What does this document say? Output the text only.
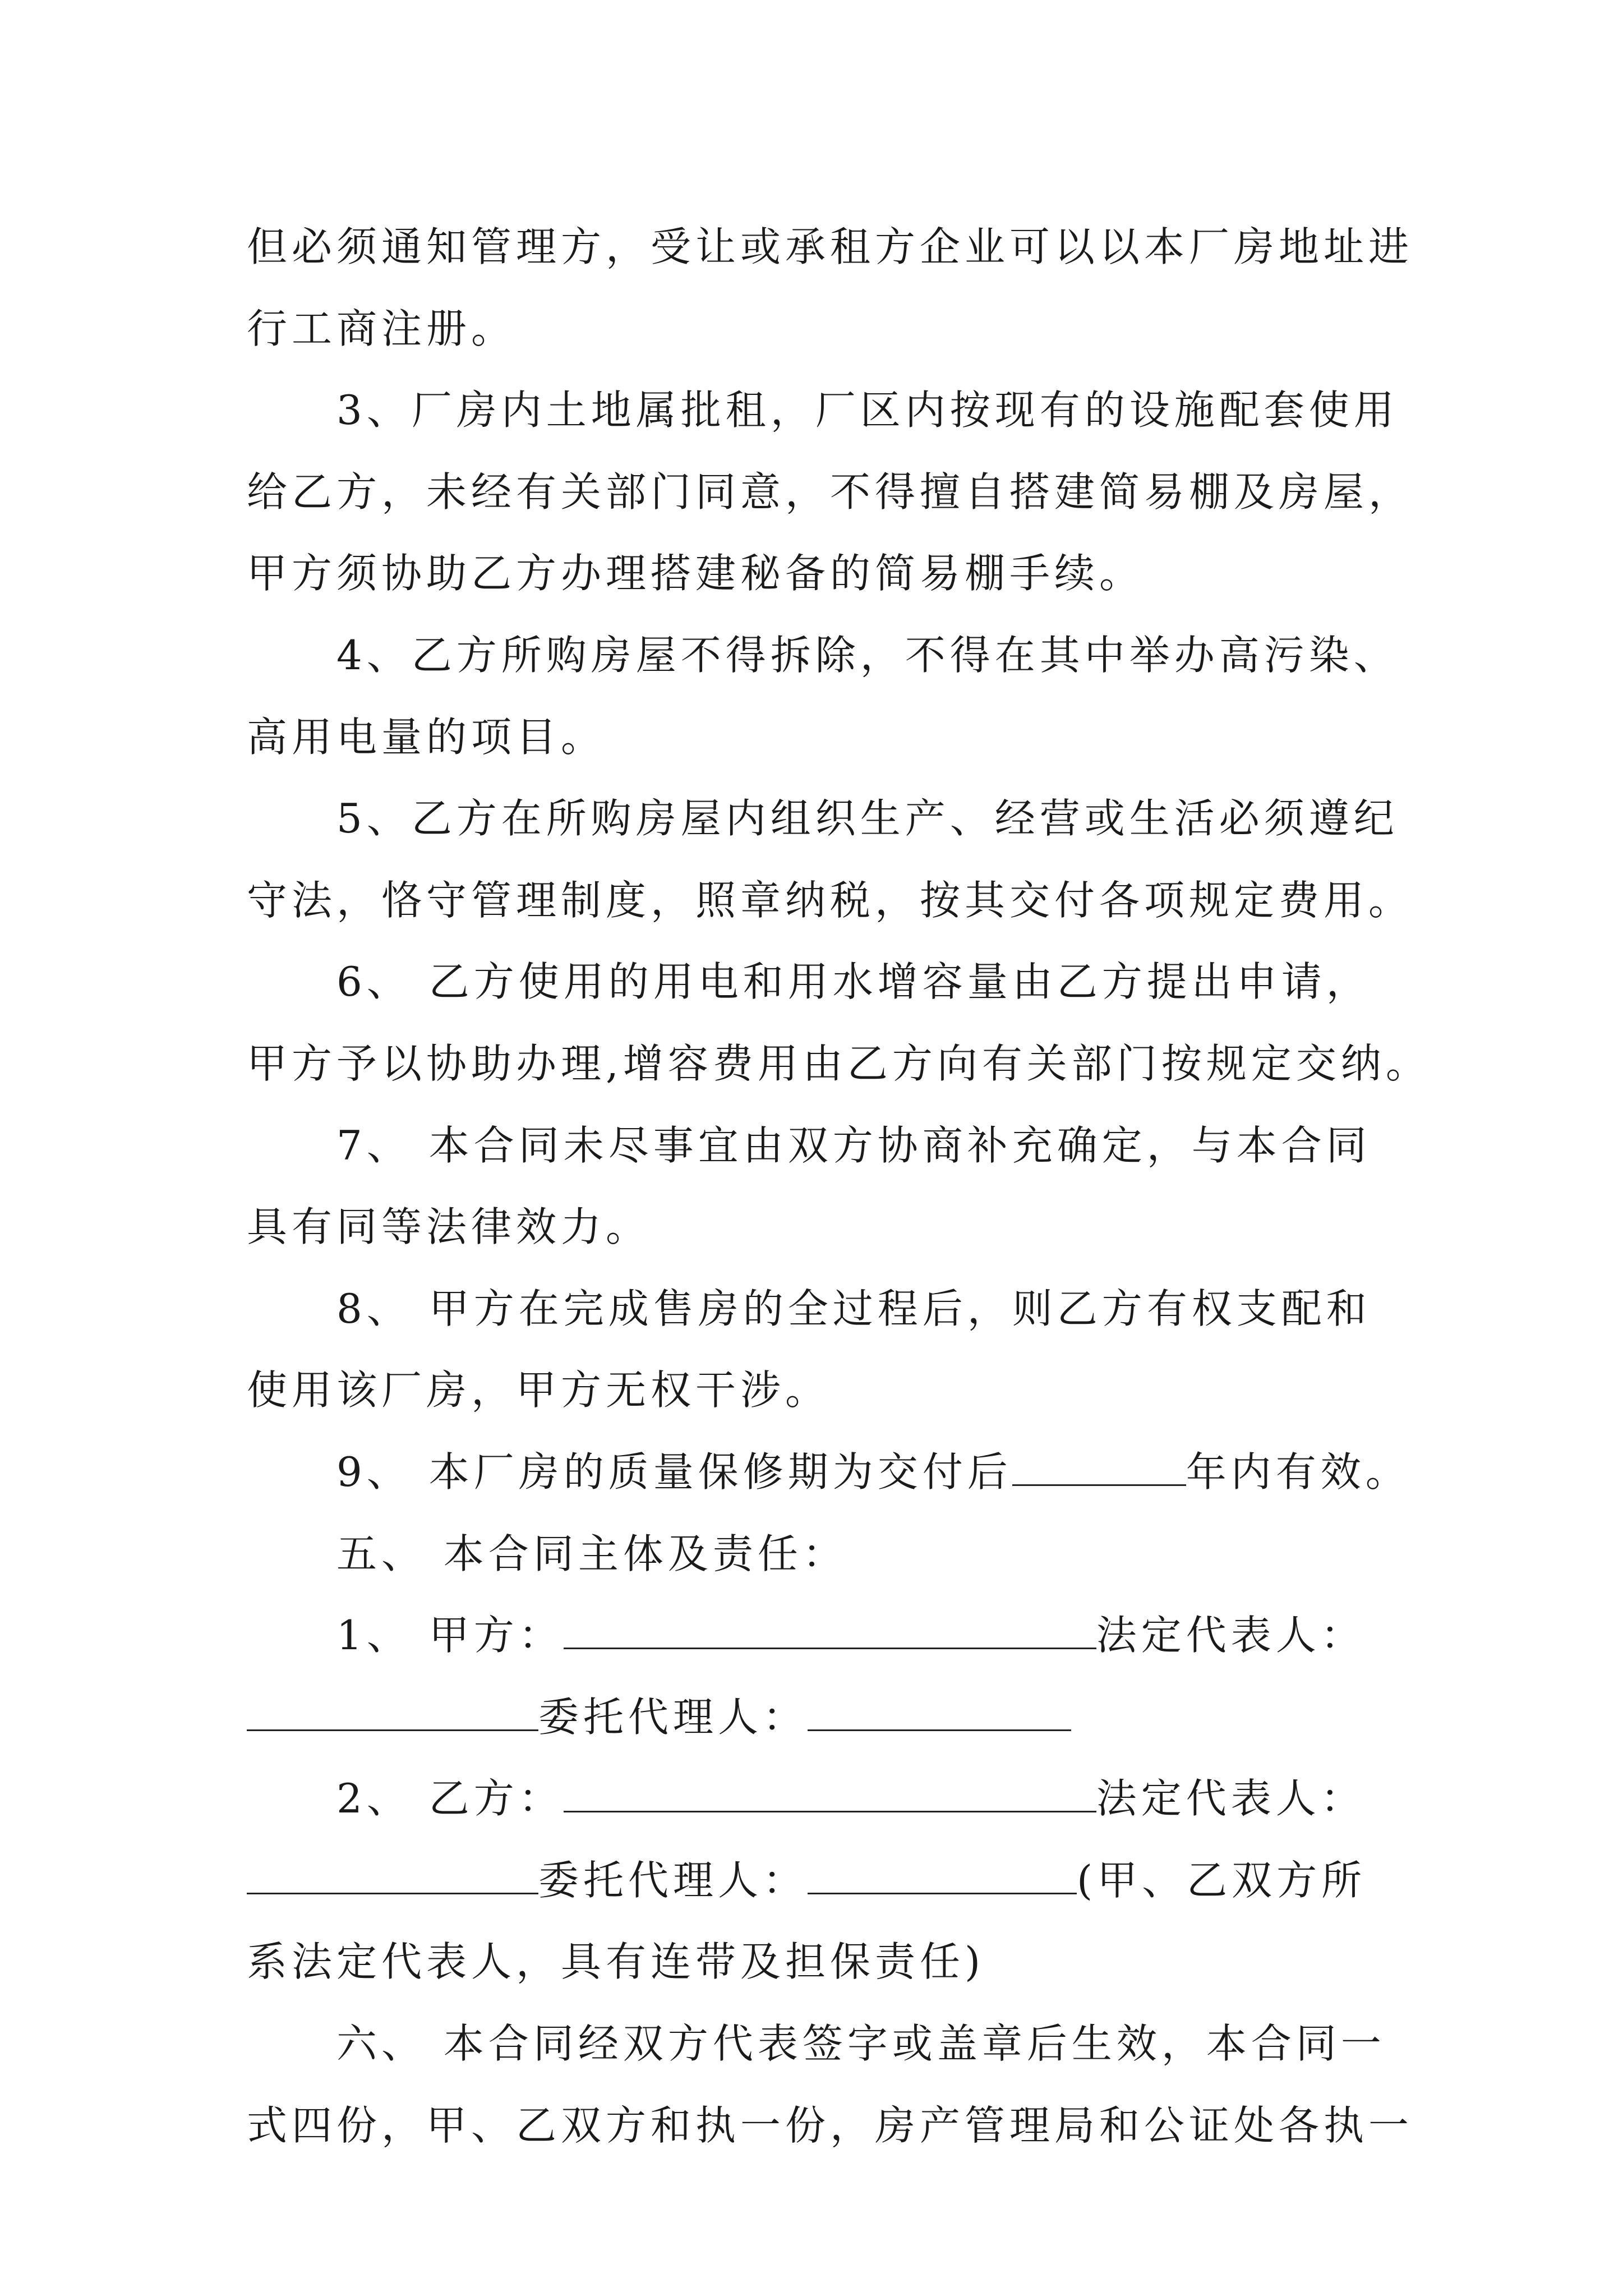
但必须通知管理方，受让或承租方企业可以以本厂房地址进
行工商注册。
3、厂房内土地属批租，厂区内按现有的设施配套使用
给乙方，未经有关部门同意，不得擅自搭建简易棚及房屋，
甲方须协助乙方办理搭建秘备的简易棚手续。
4、乙方所购房屋不得拆除，不得在其中举办高污染、
高用电量的项目。
5、乙方在所购房屋内组织生产、经营或生活必须遵纪
守法，恪守管理制度，照章纳税，按其交付各项规定费用。
6、 乙方使用的用电和用水增容量由乙方提出申请，
甲方予以协助办理,增容费用由乙方向有关部门按规定交纳。
7、 本合同未尽事宜由双方协商补充确定，与本合同
具有同等法律效力。
8、 甲方在完成售房的全过程后，则乙方有权支配和
使用该厂房，甲方无权干涉。
9、 本厂房的质量保修期为交付后	年内有效。
五、 本合同主体及责任：
1、 甲方：	法定代表人：
委托代理人：
2、 乙方：	法定代表人：
委托代理人：	(甲、乙双方所
系法定代表人，具有连带及担保责任)
六、 本合同经双方代表签字或盖章后生效，本合同一
式四份，甲、乙双方和执一份，房产管理局和公证处各执一
